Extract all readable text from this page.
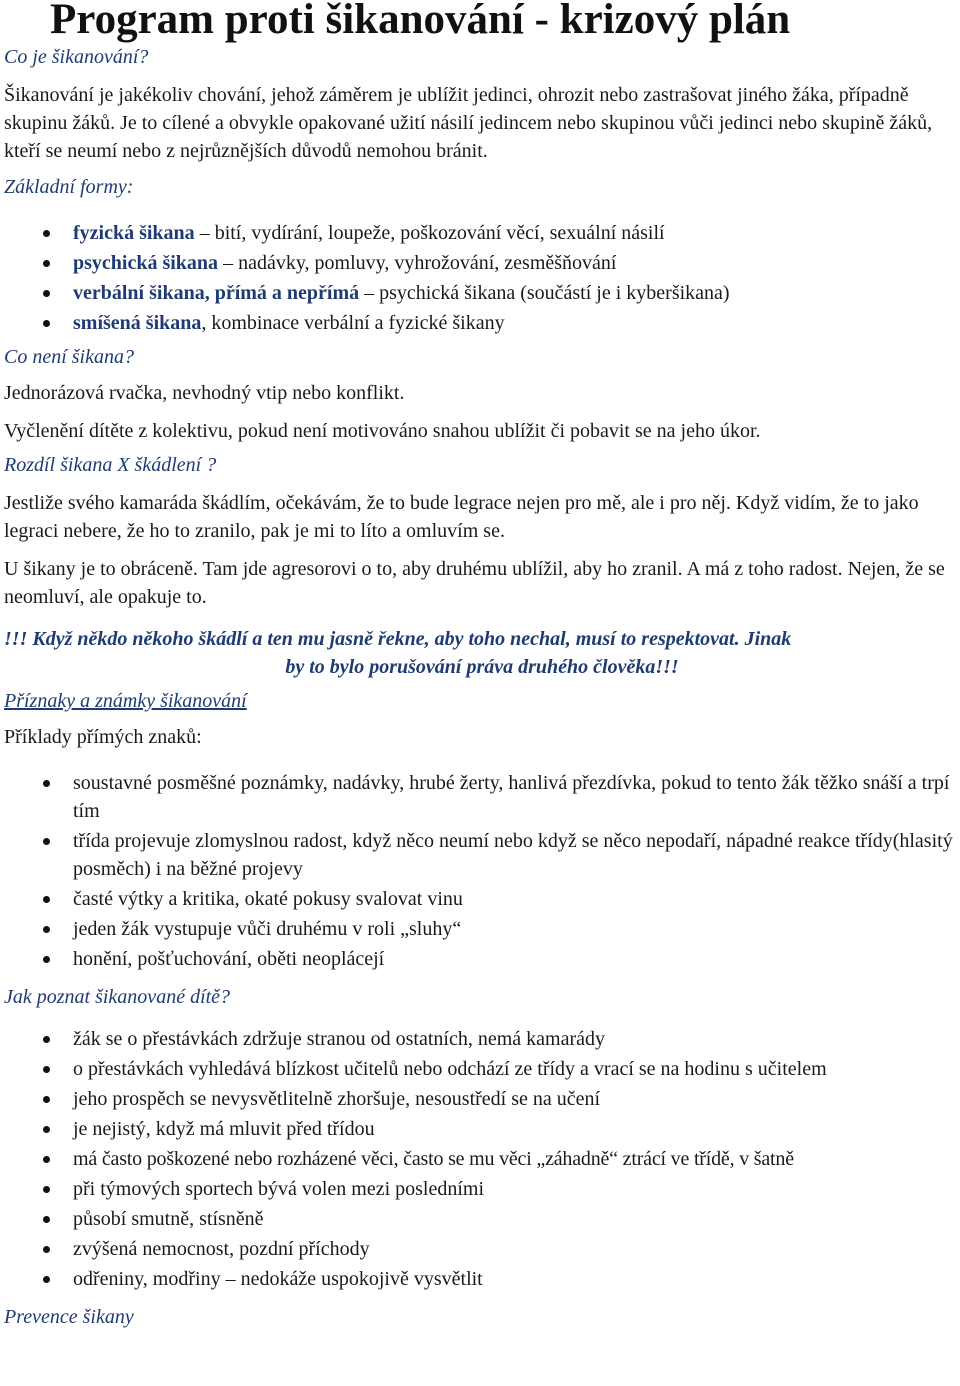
Program proti šikanování - krizový plán

Co je šikanování?

Šikanování je jakékoliv chování, jehož záměrem je ublížit jedinci, ohrozit nebo zastrašovat jiného žáka, případně skupinu žáků. Je to cílené a obvykle opakované užití násilí jedincem nebo skupinou vůči jedinci nebo skupině žáků, kteří se neumí nebo z nejrůznějších důvodů nemohou bránit.

Základní formy:

fyzická šikana – bití, vydírání, loupeže, poškozování věcí, sexuální násilí
psychická šikana – nadávky, pomluvy, vyhrožování, zesměšňování
verbální šikana, přímá a nepřímá – psychická šikana (součástí je i kyberšikana)
smíšená šikana, kombinace verbální a fyzické šikany

Co není šikana?

Jednorázová rvačka, nevhodný vtip nebo konflikt.

Vyčlenění dítěte z kolektivu, pokud není motivováno snahou ublížit či pobavit se na jeho úkor.

Rozdíl šikana X škádlení ?

Jestliže svého kamaráda škádlím, očekávám, že to bude legrace nejen pro mě, ale i pro něj. Když vidím, že to jako legraci nebere, že ho to zranilo, pak je mi to líto a omluvím se.

U šikany je to obráceně. Tam jde agresorovi o to, aby druhému ublížil, aby ho zranil. A má z toho radost. Nejen, že se neomluví, ale opakuje to.

!!! Když někdo někoho škádlí a ten mu jasně řekne, aby toho nechal, musí to respektovat. Jinak

by to bylo porušování práva druhého člověka!!!

Příznaky a známky šikanování

Příklady přímých znaků:

soustavné posměšné poznámky, nadávky, hrubé žerty, hanlivá přezdívka, pokud to tento žák těžko snáší a trpí tím
třída projevuje zlomyslnou radost, když něco neumí nebo když se něco nepodaří, nápadné reakce třídy(hlasitý posměch) i na běžné projevy
časté výtky a kritika, okaté pokusy svalovat vinu
jeden žák vystupuje vůči druhému v roli „sluhy“
honění, pošťuchování, oběti neoplácejí

Jak poznat šikanované dítě?

žák se o přestávkách zdržuje stranou od ostatních, nemá kamarády
o přestávkách vyhledává blízkost učitelů nebo odchází ze třídy a vrací se na hodinu s učitelem
jeho prospěch se nevysvětlitelně zhoršuje, nesoustředí se na učení
je nejistý, když má mluvit před třídou
má často poškozené nebo rozházené věci, často se mu věci „záhadně“ ztrácí ve třídě, v šatně
při týmových sportech bývá volen mezi posledními
působí smutně, stísněně
zvýšená nemocnost, pozdní příchody
odřeniny, modřiny – nedokáže uspokojivě vysvětlit

Prevence šikany
